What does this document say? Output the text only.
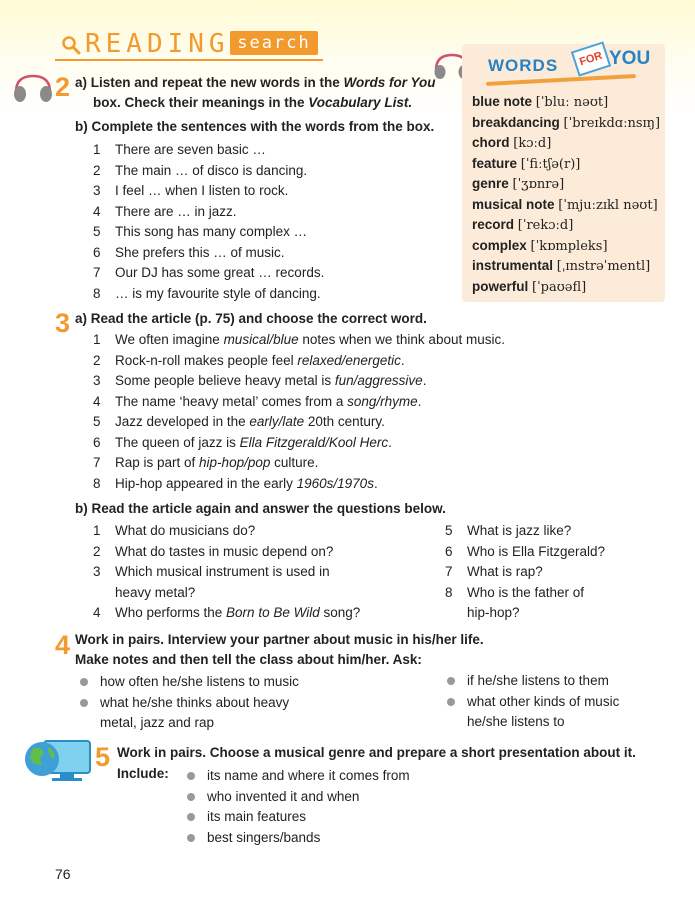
READING search
2 a) Listen and repeat the new words in the Words for You
box. Check their meanings in the Vocabulary List.
b) Complete the sentences with the words from the box.
1 There are seven basic …
2 The main … of disco is dancing.
3 I feel … when I listen to rock.
4 There are … in jazz.
5 This song has many complex …
6 She prefers this … of music.
7 Our DJ has some great … records.
8 … is my favourite style of dancing.
WORDS	FOR YOU
blue note [ˈbluː nəʊt]
breakdancing [ˈbreɪkdɑːnsɪŋ]
chord [kɔːd]
feature [ˈfiːtʃə(r)]
genre [ˈʒɒnrə]
musical note [ˈmjuːzɪkl nəʊt]
record [ˈrekɔːd]
complex [ˈkɒmpleks]
instrumental [ˌɪnstrəˈmentl]
powerful [ˈpaʊəfl]
3 a) Read the article (p. 75) and choose the correct word.
1 We often imagine musical/blue notes when we think about music.
2 Rock-n-roll makes people feel relaxed/energetic.
3 Some people believe heavy metal is fun/aggressive.
4 The name ‘heavy metal’ comes from a song/rhyme.
5 Jazz developed in the early/late 20th century.
6 The queen of jazz is Ella Fitzgerald/Kool Herc.
7 Rap is part of hip-hop/pop culture.
8 Hip-hop appeared in the early 1960s/1970s.
b) Read the article again and answer the questions below.
1 What do musicians do?
2 What do tastes in music depend on?
3 Which musical instrument is used in
heavy metal?
4 Who performs the Born to Be Wild song?
5 What is jazz like?
6 Who is Ella Fitzgerald?
7 What is rap?
8 Who is the father of
hip-hop?
4 Work in pairs. Interview your partner about music in his/her life.
Make notes and then tell the class about him/her. Ask:
how often he/she listens to music
what he/she thinks about heavy
metal, jazz and rap
if he/she listens to them
what other kinds of music
he/she listens to
5 Work in pairs. Choose a musical genre and prepare a short presentation about it.
Include:	its name and where it comes from
who invented it and when
its main features
best singers/bands
76
